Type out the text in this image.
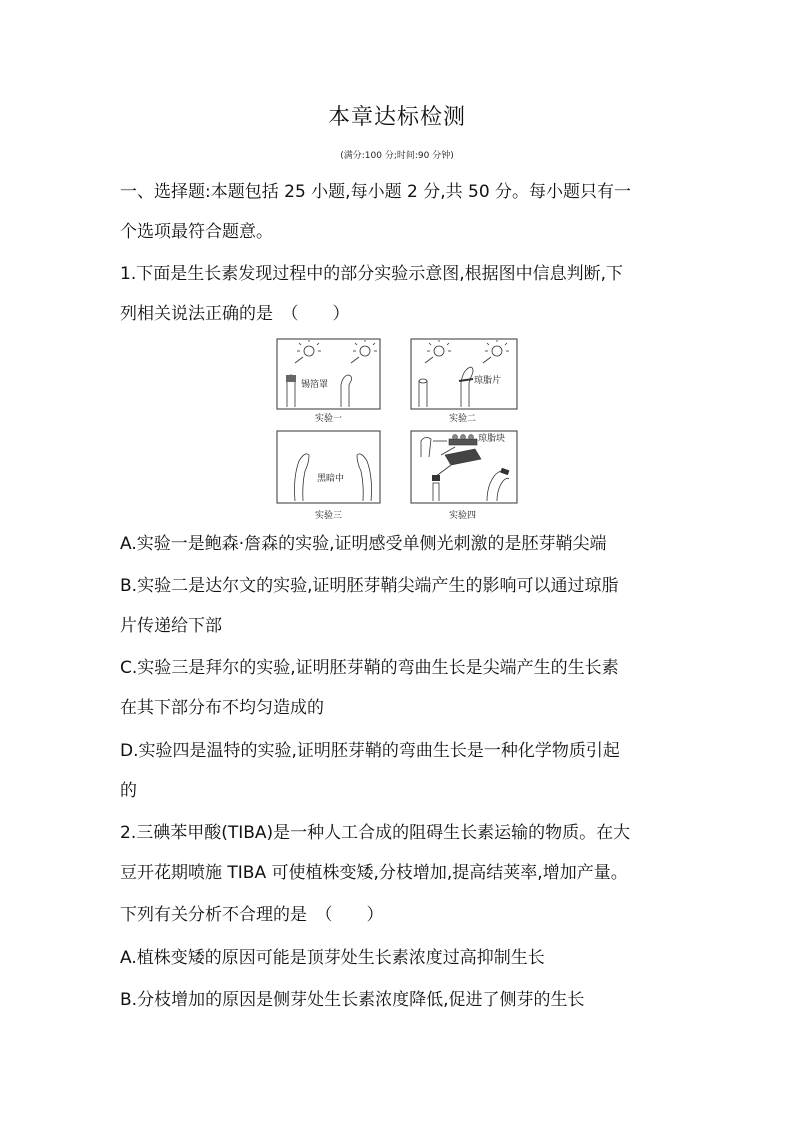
本章达标检测
(满分:100 分;时间:90 分钟)
一、选择题:本题包括 25 小题,每小题 2 分,共 50 分。每小题只有一
个选项最符合题意。
1.下面是生长素发现过程中的部分实验示意图,根据图中信息判断,下
列相关说法正确的是　（　　）
锡箔罩
实验一
琼脂片
实验二
黑暗中
实验三
琼脂块
实验四
A.实验一是鲍森·詹森的实验,证明感受单侧光刺激的是胚芽鞘尖端
B.实验二是达尔文的实验,证明胚芽鞘尖端产生的影响可以通过琼脂
片传递给下部
C.实验三是拜尔的实验,证明胚芽鞘的弯曲生长是尖端产生的生长素
在其下部分布不均匀造成的
D.实验四是温特的实验,证明胚芽鞘的弯曲生长是一种化学物质引起
的
2.三碘苯甲酸(TIBA)是一种人工合成的阻碍生长素运输的物质。在大
豆开花期喷施 TIBA 可使植株变矮,分枝增加,提高结荚率,增加产量。
下列有关分析不合理的是　（　　）
A.植株变矮的原因可能是顶芽处生长素浓度过高抑制生长
B.分枝增加的原因是侧芽处生长素浓度降低,促进了侧芽的生长
